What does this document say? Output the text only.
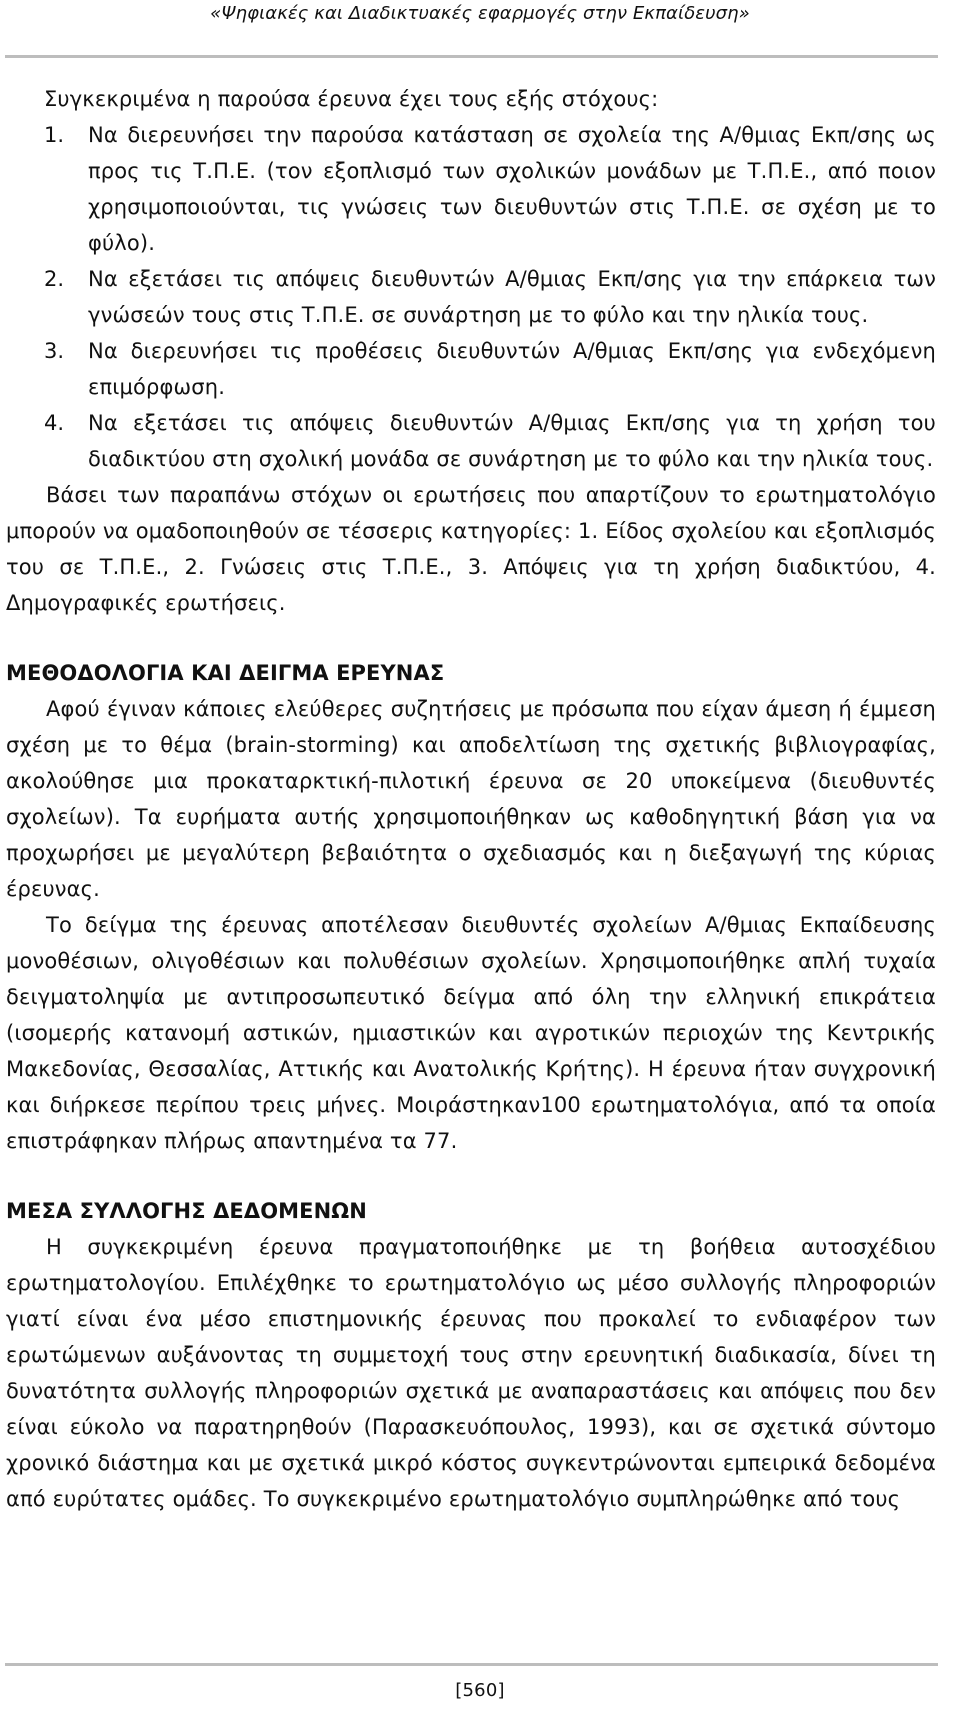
«Ψηφιακές και Διαδικτυακές εφαρμογές στην Εκπαίδευση»

Συγκεκριμένα η παρούσα έρευνα έχει τους εξής στόχους:

1.	Να διερευνήσει την παρούσα κατάσταση σε σχολεία της Α/θμιας Εκπ/σης ως προς τις Τ.Π.Ε. (τον εξοπλισμό των σχολικών μονάδων με Τ.Π.Ε., από ποιον χρησιμοποιούνται, τις γνώσεις των διευθυντών στις Τ.Π.Ε. σε σχέση με το φύλο).
2.	Να εξετάσει τις απόψεις διευθυντών Α/θμιας Εκπ/σης για την επάρκεια των γνώσεών τους στις Τ.Π.Ε. σε συνάρτηση με το φύλο και την ηλικία τους.
3.	Να διερευνήσει τις προθέσεις διευθυντών Α/θμιας Εκπ/σης για ενδεχόμενη επιμόρφωση.
4.	Να εξετάσει τις απόψεις διευθυντών Α/θμιας Εκπ/σης για τη χρήση του διαδικτύου στη σχολική μονάδα σε συνάρτηση με το φύλο και την ηλικία τους.

Βάσει των παραπάνω στόχων οι ερωτήσεις που απαρτίζουν το ερωτηματολόγιο μπορούν να ομαδοποιηθούν σε τέσσερις κατηγορίες: 1. Είδος σχολείου και εξοπλισμός του σε Τ.Π.Ε., 2. Γνώσεις στις Τ.Π.Ε., 3. Απόψεις για τη χρήση διαδικτύου, 4. Δημογραφικές ερωτήσεις.

ΜΕΘΟΔΟΛΟΓΙΑ ΚΑΙ ΔΕΙΓΜΑ ΕΡΕΥΝΑΣ

Αφού έγιναν κάποιες ελεύθερες συζητήσεις με πρόσωπα που είχαν άμεση ή έμμεση σχέση με το θέμα (brain-storming) και αποδελτίωση της σχετικής βιβλιογραφίας, ακολούθησε μια προκαταρκτική-πιλοτική έρευνα σε 20 υποκείμενα (διευθυντές σχολείων). Τα ευρήματα αυτής χρησιμοποιήθηκαν ως καθοδηγητική βάση για να προχωρήσει με μεγαλύτερη βεβαιότητα ο σχεδιασμός και η διεξαγωγή της κύριας έρευνας.

Το δείγμα της έρευνας αποτέλεσαν διευθυντές σχολείων Α/θμιας Εκπαίδευσης μονοθέσιων, ολιγοθέσιων και πολυθέσιων σχολείων. Χρησιμοποιήθηκε απλή τυχαία δειγματοληψία με αντιπροσωπευτικό δείγμα από όλη την ελληνική επικράτεια (ισομερής κατανομή αστικών, ημιαστικών και αγροτικών περιοχών της Κεντρικής Μακεδονίας, Θεσσαλίας, Αττικής και Ανατολικής Κρήτης). Η έρευνα ήταν συγχρονική και διήρκεσε περίπου τρεις μήνες. Μοιράστηκαν100 ερωτηματολόγια, από τα οποία επιστράφηκαν πλήρως απαντημένα τα 77.

ΜΕΣΑ ΣΥΛΛΟΓΗΣ ΔΕΔΟΜΕΝΩΝ

Η συγκεκριμένη έρευνα πραγματοποιήθηκε με τη βοήθεια αυτοσχέδιου ερωτηματολογίου. Επιλέχθηκε το ερωτηματολόγιο ως μέσο συλλογής πληροφοριών γιατί είναι ένα μέσο επιστημονικής έρευνας που προκαλεί το ενδιαφέρον των ερωτώμενων αυξάνοντας τη συμμετοχή τους στην ερευνητική διαδικασία, δίνει τη δυνατότητα συλλογής πληροφοριών σχετικά με αναπαραστάσεις και απόψεις που δεν είναι εύκολο να παρατηρηθούν (Παρασκευόπουλος, 1993), και σε σχετικά σύντομο χρονικό διάστημα και με σχετικά μικρό κόστος συγκεντρώνονται εμπειρικά δεδομένα από ευρύτατες ομάδες. Το συγκεκριμένο ερωτηματολόγιο συμπληρώθηκε από τους

[560]
